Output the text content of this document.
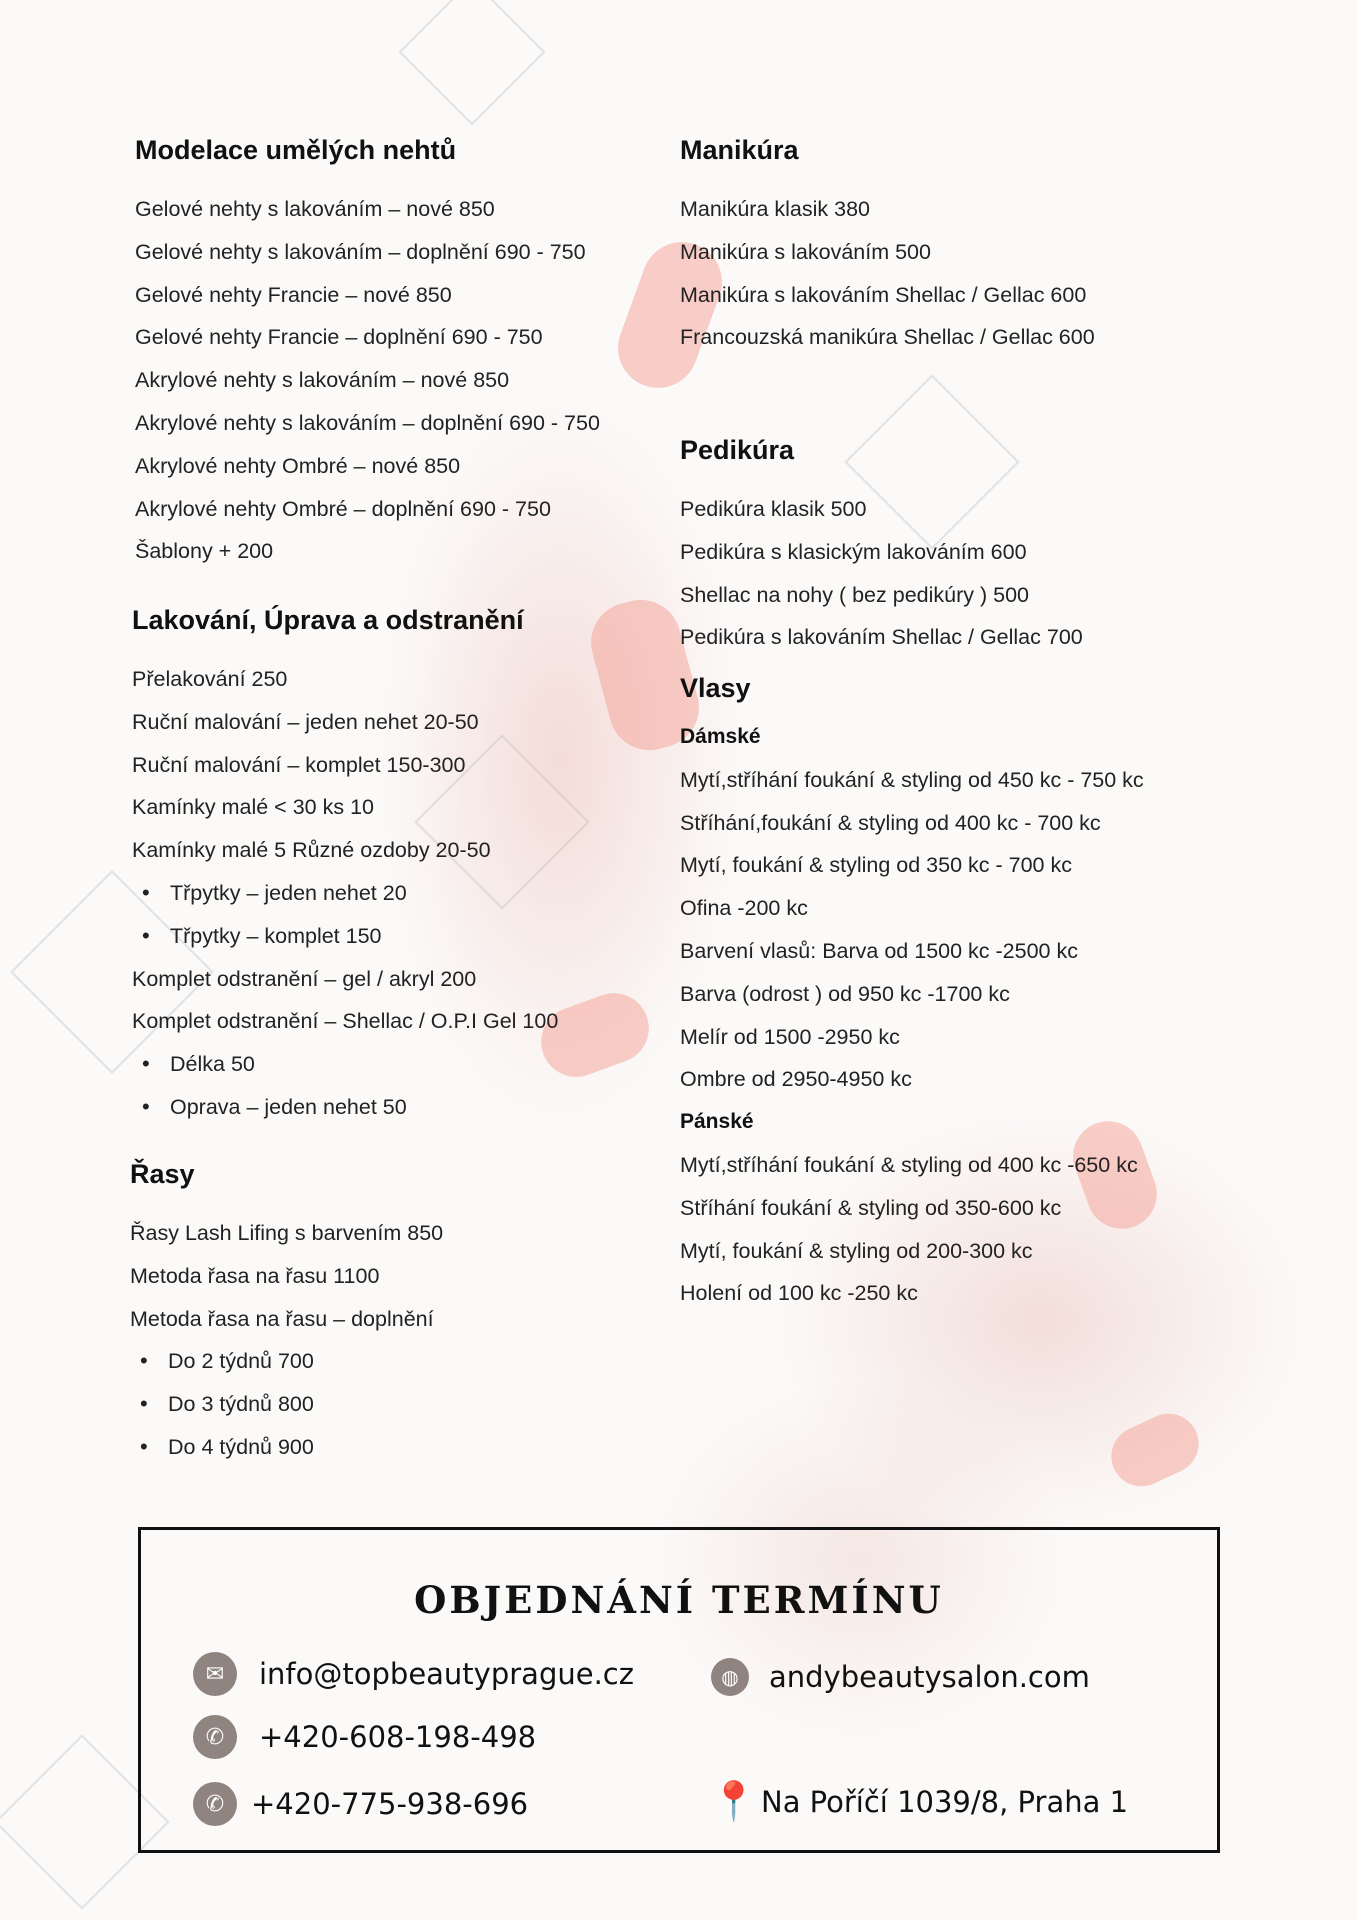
Modelace umělých nehtů
Gelové nehty s lakováním – nové 850
Gelové nehty s lakováním – doplnění 690 - 750
Gelové nehty Francie – nové 850
Gelové nehty Francie – doplnění 690 - 750
Akrylové nehty s lakováním – nové 850
Akrylové nehty s lakováním – doplnění 690 - 750
Akrylové nehty Ombré – nové 850
Akrylové nehty Ombré – doplnění 690 - 750
Šablony + 200
Lakování, Úprava a odstranění
Přelakování 250
Ruční malování – jeden nehet 20-50
Ruční malování – komplet 150-300
Kamínky malé < 30 ks 10
Kamínky malé 5 Různé ozdoby 20-50
• Třpytky – jeden nehet 20
• Třpytky – komplet 150
Komplet odstranění – gel / akryl 200
Komplet odstranění – Shellac / O.P.I Gel 100
• Délka 50
• Oprava – jeden nehet 50
Řasy
Řasy Lash Lifing s barvením 850
Metoda řasa na řasu 1100
Metoda řasa na řasu – doplnění
• Do 2 týdnů 700
• Do 3 týdnů 800
• Do 4 týdnů 900
Manikúra
Manikúra klasik 380
Manikúra s lakováním 500
Manikúra s lakováním Shellac / Gellac 600
Francouzská manikúra Shellac / Gellac 600
Pedikúra
Pedikúra klasik 500
Pedikúra s klasickým lakováním 600
Shellac na nohy ( bez pedikúry ) 500
Pedikúra s lakováním Shellac / Gellac 700
Vlasy
Dámské
Mytí,stříhání foukání & styling od 450 kc - 750 kc
Stříhání,foukání & styling od 400 kc - 700 kc
Mytí, foukání & styling od 350 kc - 700 kc
Ofina -200 kc
Barvení vlasů: Barva od 1500 kc -2500 kc
Barva (odrost ) od 950 kc -1700 kc
Melír od 1500 -2950 kc
Ombre od 2950-4950 kc
Pánské
Mytí,stříhání foukání & styling od 400 kc -650 kc
Stříhání foukání & styling od 350-600 kc
Mytí, foukání & styling od 200-300 kc
Holení od 100 kc -250 kc
OBJEDNÁNÍ TERMÍNU
✉	info@topbeautyprague.cz
✆	+420-608-198-498
✆ +420-775-938-696
◍	andybeautysalon.com
📍 Na Poříčí 1039/8, Praha 1
